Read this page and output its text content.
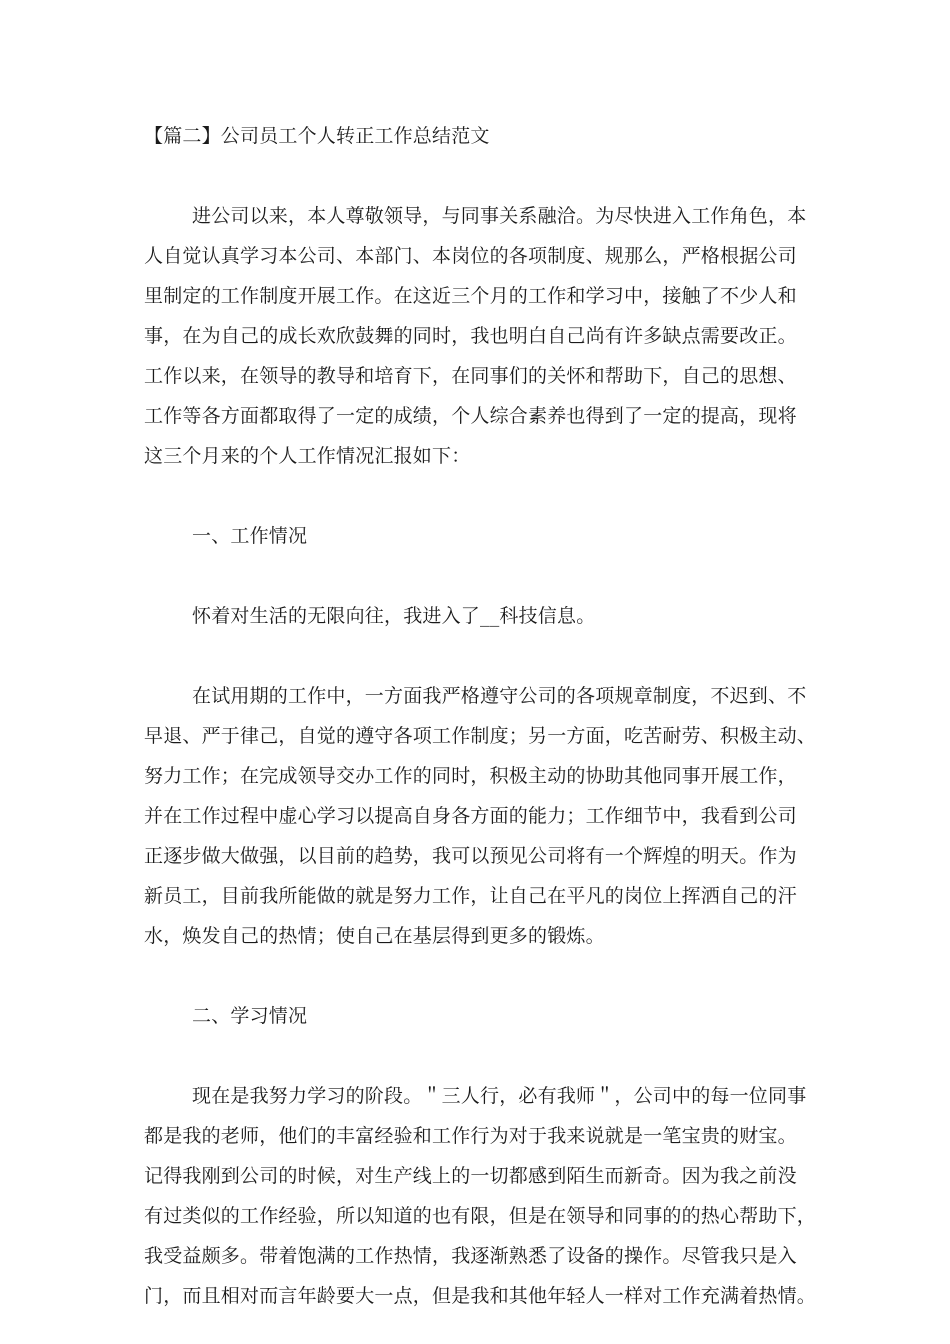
【篇二】公司员工个人转正工作总结范文
进公司以来，本人尊敬领导，与同事关系融洽。为尽快进入工作角色，本
人自觉认真学习本公司、本部门、本岗位的各项制度、规那么，严格根据公司
里制定的工作制度开展工作。在这近三个月的工作和学习中，接触了不少人和
事，在为自己的成长欢欣鼓舞的同时，我也明白自己尚有许多缺点需要改正。
工作以来，在领导的教导和培育下，在同事们的关怀和帮助下，自己的思想、
工作等各方面都取得了一定的成绩，个人综合素养也得到了一定的提高，现将
这三个月来的个人工作情况汇报如下：
一、工作情况
怀着对生活的无限向往，我进入了__科技信息。
在试用期的工作中，一方面我严格遵守公司的各项规章制度，不迟到、不
早退、严于律己，自觉的遵守各项工作制度；另一方面，吃苦耐劳、积极主动、
努力工作；在完成领导交办工作的同时，积极主动的协助其他同事开展工作，
并在工作过程中虚心学习以提高自身各方面的能力；工作细节中，我看到公司
正逐步做大做强，以目前的趋势，我可以预见公司将有一个辉煌的明天。作为
新员工，目前我所能做的就是努力工作，让自己在平凡的岗位上挥洒自己的汗
水，焕发自己的热情；使自己在基层得到更多的锻炼。
二、学习情况
现在是我努力学习的阶段。＂三人行，必有我师＂，公司中的每一位同事
都是我的老师，他们的丰富经验和工作行为对于我来说就是一笔宝贵的财宝。
记得我刚到公司的时候，对生产线上的一切都感到陌生而新奇。因为我之前没
有过类似的工作经验，所以知道的也有限，但是在领导和同事的的热心帮助下，
我受益颇多。带着饱满的工作热情，我逐渐熟悉了设备的操作。尽管我只是入
门，而且相对而言年龄要大一点，但是我和其他年轻人一样对工作充满着热情。
